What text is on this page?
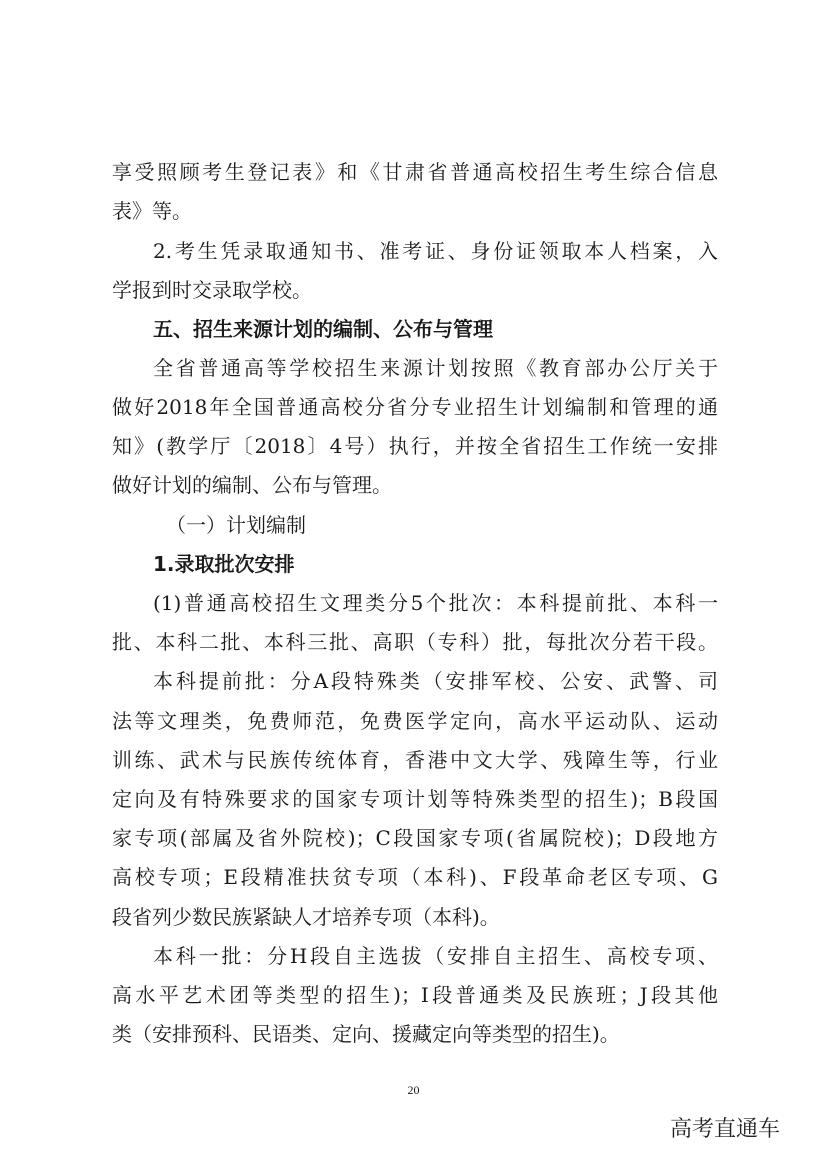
享受照顾考生登记表》和《甘肃省普通高校招生考生综合信息
表》等。
2.考生凭录取通知书、准考证、身份证领取本人档案，入
学报到时交录取学校。
五、招生来源计划的编制、公布与管理
全省普通高等学校招生来源计划按照《教育部办公厅关于
做好2018年全国普通高校分省分专业招生计划编制和管理的通
知》(教学厅〔2018〕4号）执行，并按全省招生工作统一安排
做好计划的编制、公布与管理。
（一）计划编制
1.录取批次安排
(1)普通高校招生文理类分5个批次：本科提前批、本科一
批、本科二批、本科三批、高职（专科）批，每批次分若干段。
本科提前批：分A段特殊类（安排军校、公安、武警、司
法等文理类，免费师范，免费医学定向，高水平运动队、运动
训练、武术与民族传统体育，香港中文大学、残障生等，行业
定向及有特殊要求的国家专项计划等特殊类型的招生)；B段国
家专项(部属及省外院校)；C段国家专项(省属院校)；D段地方
高校专项；E段精准扶贫专项（本科)、F段革命老区专项、G
段省列少数民族紧缺人才培养专项（本科)。
本科一批：分H段自主选拔（安排自主招生、高校专项、
高水平艺术团等类型的招生)；I段普通类及民族班；J段其他
类（安排预科、民语类、定向、援藏定向等类型的招生)。
20
高考直通车
